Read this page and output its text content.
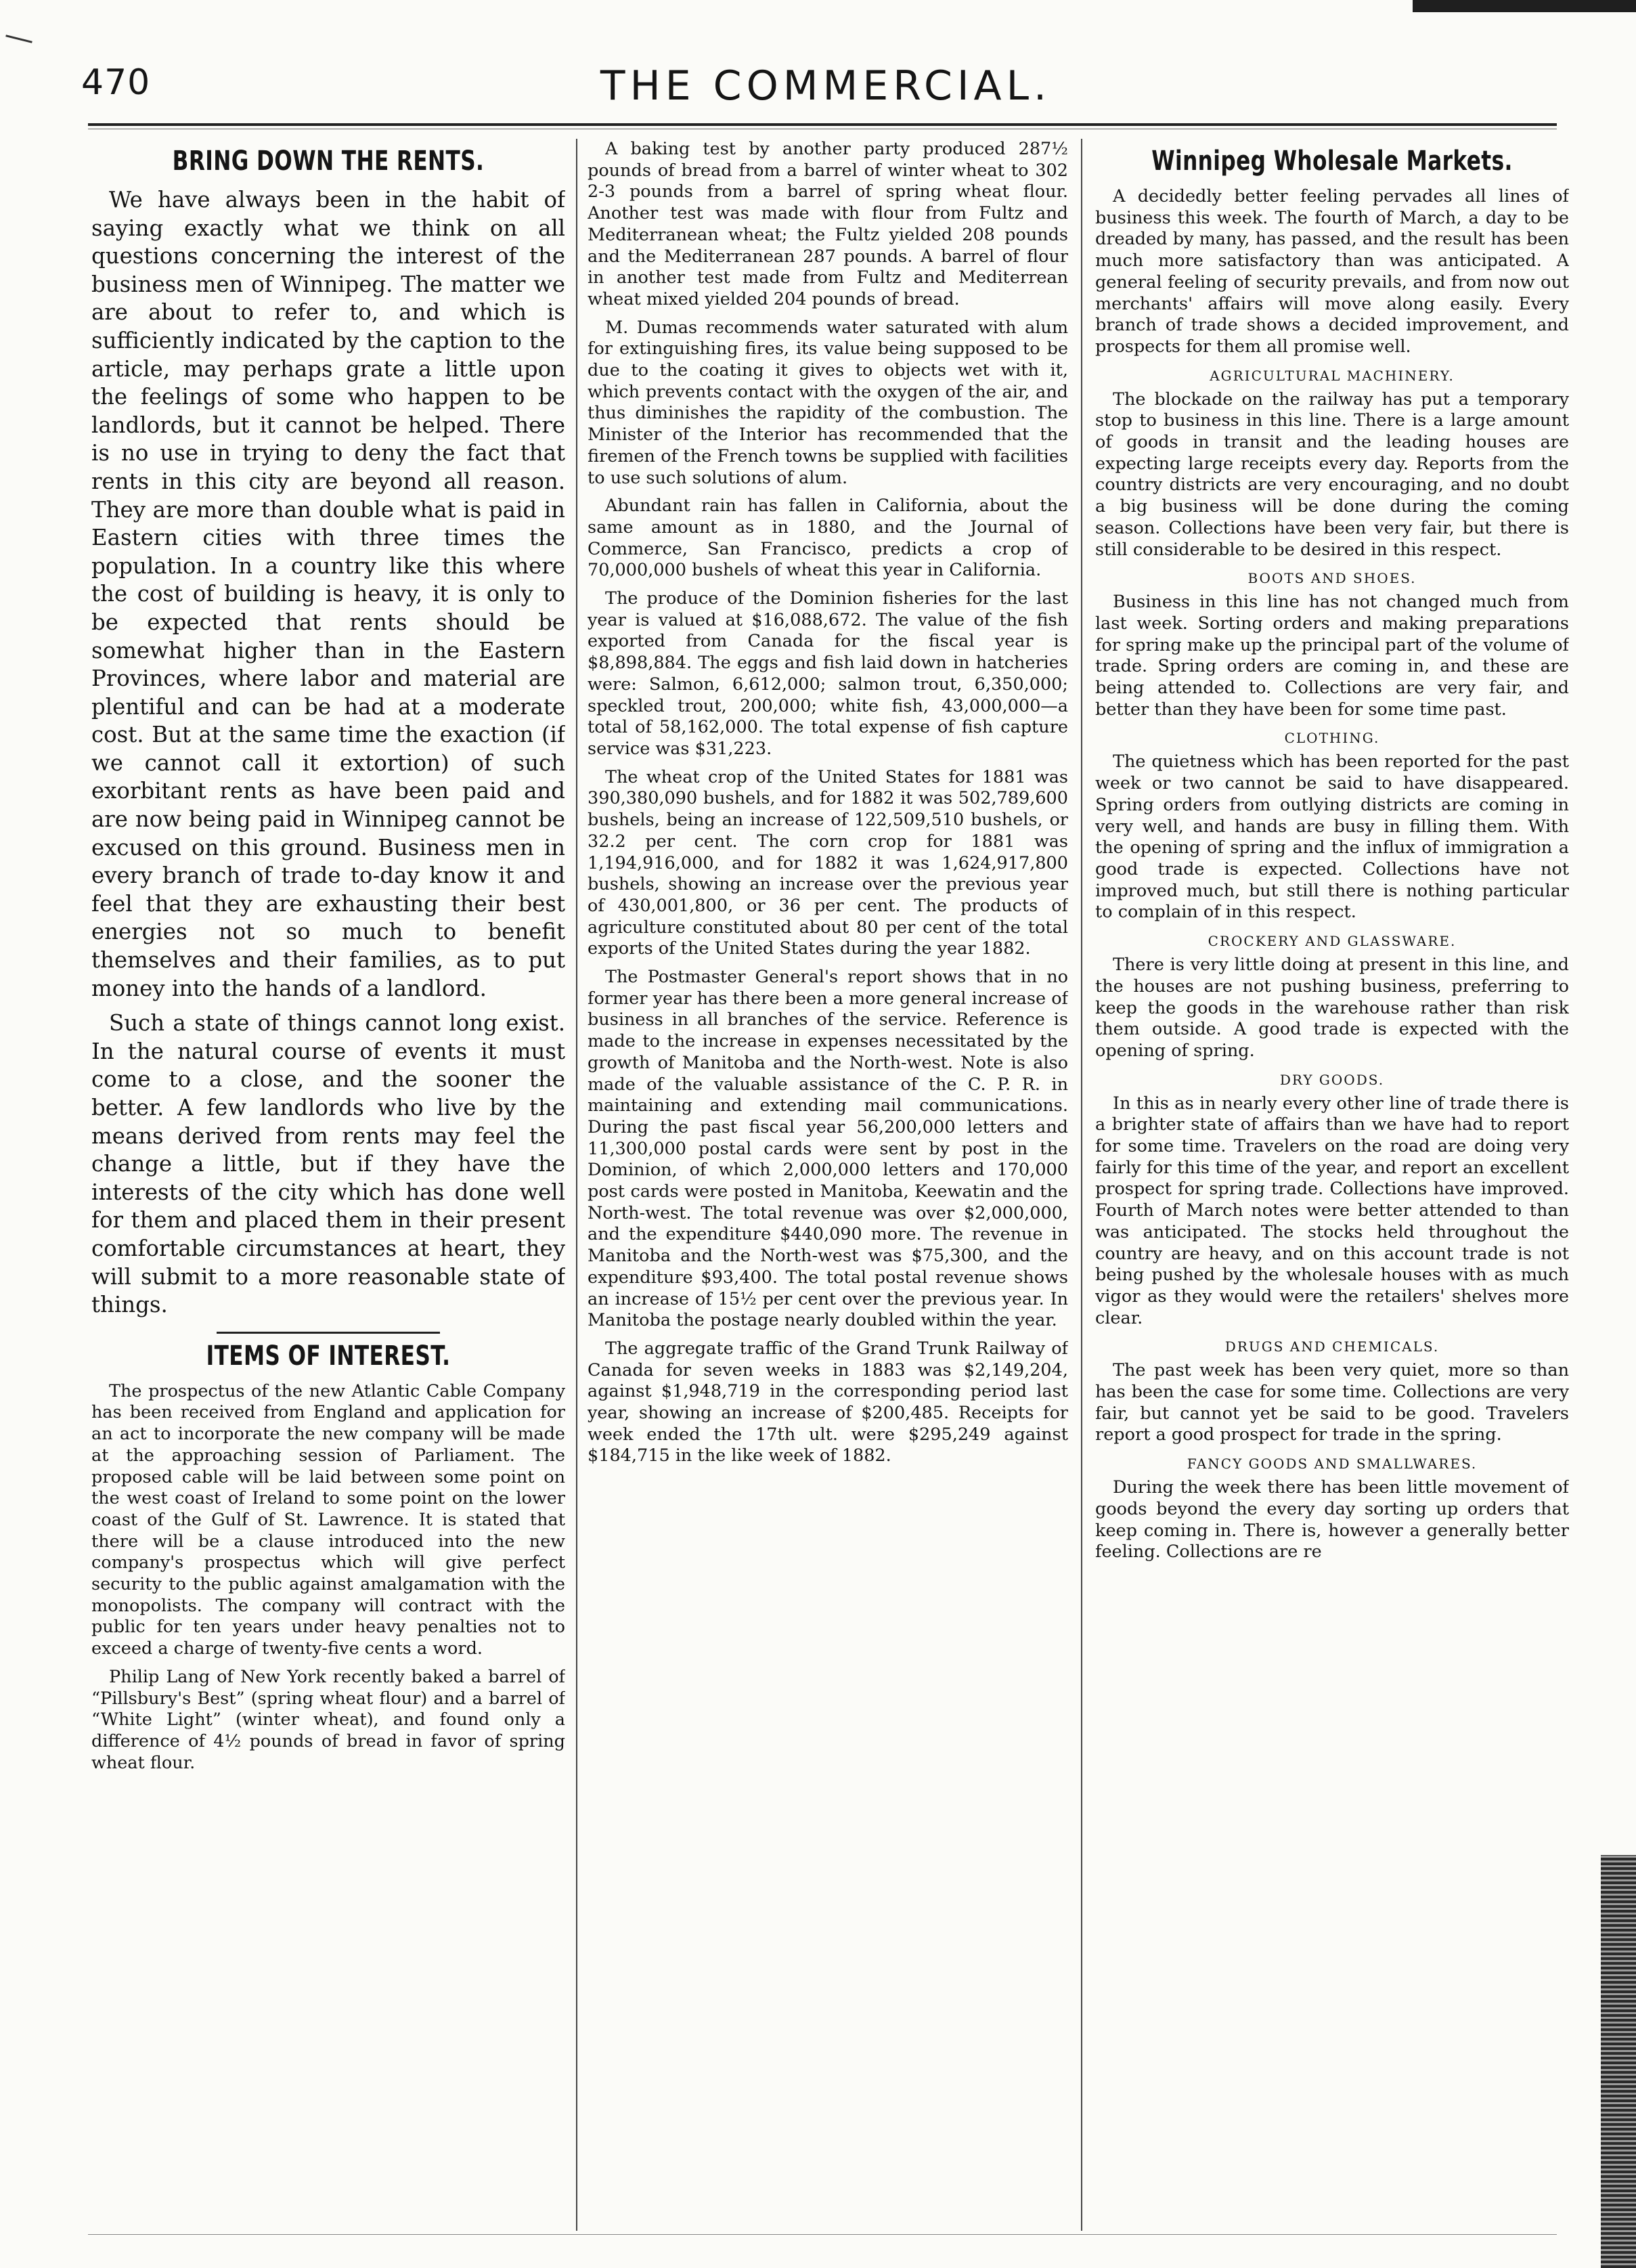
470	THE COMMERCIAL.
BRING DOWN THE RENTS.

We have always been in the habit of saying exactly what we think on all questions concerning the interest of the business men of Winnipeg. The matter we are about to refer to, and which is sufficiently indicated by the caption to the article, may perhaps grate a little upon the feelings of some who happen to be landlords, but it cannot be helped. There is no use in trying to deny the fact that rents in this city are beyond all reason. They are more than double what is paid in Eastern cities with three times the population. In a country like this where the cost of building is heavy, it is only to be expected that rents should be somewhat higher than in the Eastern Provinces, where labor and material are plentiful and can be had at a moderate cost. But at the same time the exaction (if we cannot call it extortion) of such exorbitant rents as have been paid and are now being paid in Winnipeg cannot be excused on this ground. Business men in every branch of trade to-day know it and feel that they are exhausting their best energies not so much to benefit themselves and their families, as to put money into the hands of a landlord.

Such a state of things cannot long exist. In the natural course of events it must come to a close, and the sooner the better. A few landlords who live by the means derived from rents may feel the change a little, but if they have the interests of the city which has done well for them and placed them in their present comfortable circumstances at heart, they will submit to a more reasonable state of things.

ITEMS OF INTEREST.

The prospectus of the new Atlantic Cable Company has been received from England and application for an act to incorporate the new company will be made at the approaching session of Parliament. The proposed cable will be laid between some point on the west coast of Ireland to some point on the lower coast of the Gulf of St. Lawrence. It is stated that there will be a clause introduced into the new company's prospectus which will give perfect security to the public against amalgamation with the monopolists. The company will contract with the public for ten years under heavy penalties not to exceed a charge of twenty-five cents a word.

Philip Lang of New York recently baked a barrel of “Pillsbury's Best” (spring wheat flour) and a barrel of “White Light” (winter wheat), and found only a difference of 4½ pounds of bread in favor of spring wheat flour.

A baking test by another party produced 287½ pounds of bread from a barrel of winter wheat to 302 2-3 pounds from a barrel of spring wheat flour. Another test was made with flour from Fultz and Mediterranean wheat; the Fultz yielded 208 pounds and the Mediterranean 287 pounds. A barrel of flour in another test made from Fultz and Mediterrean wheat mixed yielded 204 pounds of bread.

M. Dumas recommends water saturated with alum for extinguishing fires, its value being supposed to be due to the coating it gives to objects wet with it, which prevents contact with the oxygen of the air, and thus diminishes the rapidity of the combustion. The Minister of the Interior has recommended that the firemen of the French towns be supplied with facilities to use such solutions of alum.

Abundant rain has fallen in California, about the same amount as in 1880, and the Journal of Commerce, San Francisco, predicts a crop of 70,000,000 bushels of wheat this year in California.

The produce of the Dominion fisheries for the last year is valued at $16,088,672. The value of the fish exported from Canada for the fiscal year is $8,898,884. The eggs and fish laid down in hatcheries were: Salmon, 6,612,000; salmon trout, 6,350,000; speckled trout, 200,000; white fish, 43,000,000—a total of 58,162,000. The total expense of fish capture service was $31,223.

The wheat crop of the United States for 1881 was 390,380,090 bushels, and for 1882 it was 502,789,600 bushels, being an increase of 122,509,510 bushels, or 32.2 per cent. The corn crop for 1881 was 1,194,916,000, and for 1882 it was 1,624,917,800 bushels, showing an increase over the previous year of 430,001,800, or 36 per cent. The products of agriculture constituted about 80 per cent of the total exports of the United States during the year 1882.

The Postmaster General's report shows that in no former year has there been a more general increase of business in all branches of the service. Reference is made to the increase in expenses necessitated by the growth of Manitoba and the North-west. Note is also made of the valuable assistance of the C. P. R. in maintaining and extending mail communications. During the past fiscal year 56,200,000 letters and 11,300,000 postal cards were sent by post in the Dominion, of which 2,000,000 letters and 170,000 post cards were posted in Manitoba, Keewatin and the North-west. The total revenue was over $2,000,000, and the expenditure $440,090 more. The revenue in Manitoba and the North-west was $75,300, and the expenditure $93,400. The total postal revenue shows an increase of 15½ per cent over the previous year. In Manitoba the postage nearly doubled within the year.

The aggregate traffic of the Grand Trunk Railway of Canada for seven weeks in 1883 was $2,149,204, against $1,948,719 in the corresponding period last year, showing an increase of $200,485. Receipts for week ended the 17th ult. were $295,249 against $184,715 in the like week of 1882.

Winnipeg Wholesale Markets.

A decidedly better feeling pervades all lines of business this week. The fourth of March, a day to be dreaded by many, has passed, and the result has been much more satisfactory than was anticipated. A general feeling of security prevails, and from now out merchants' affairs will move along easily. Every branch of trade shows a decided improvement, and prospects for them all promise well.

AGRICULTURAL MACHINERY.

The blockade on the railway has put a temporary stop to business in this line. There is a large amount of goods in transit and the leading houses are expecting large receipts every day. Reports from the country districts are very encouraging, and no doubt a big business will be done during the coming season. Collections have been very fair, but there is still considerable to be desired in this respect.

BOOTS AND SHOES.

Business in this line has not changed much from last week. Sorting orders and making preparations for spring make up the principal part of the volume of trade. Spring orders are coming in, and these are being attended to. Collections are very fair, and better than they have been for some time past.

CLOTHING.

The quietness which has been reported for the past week or two cannot be said to have disappeared. Spring orders from outlying districts are coming in very well, and hands are busy in filling them. With the opening of spring and the influx of immigration a good trade is expected. Collections have not improved much, but still there is nothing particular to complain of in this respect.

CROCKERY AND GLASSWARE.

There is very little doing at present in this line, and the houses are not pushing business, preferring to keep the goods in the warehouse rather than risk them outside. A good trade is expected with the opening of spring.

DRY GOODS.

In this as in nearly every other line of trade there is a brighter state of affairs than we have had to report for some time. Travelers on the road are doing very fairly for this time of the year, and report an excellent prospect for spring trade. Collections have improved. Fourth of March notes were better attended to than was anticipated. The stocks held throughout the country are heavy, and on this account trade is not being pushed by the wholesale houses with as much vigor as they would were the retailers' shelves more clear.

DRUGS AND CHEMICALS.

The past week has been very quiet, more so than has been the case for some time. Collections are very fair, but cannot yet be said to be good. Travelers report a good prospect for trade in the spring.

FANCY GOODS AND SMALLWARES.

During the week there has been little movement of goods beyond the every day sorting up orders that keep coming in. There is, however a generally better feeling. Collections are re
